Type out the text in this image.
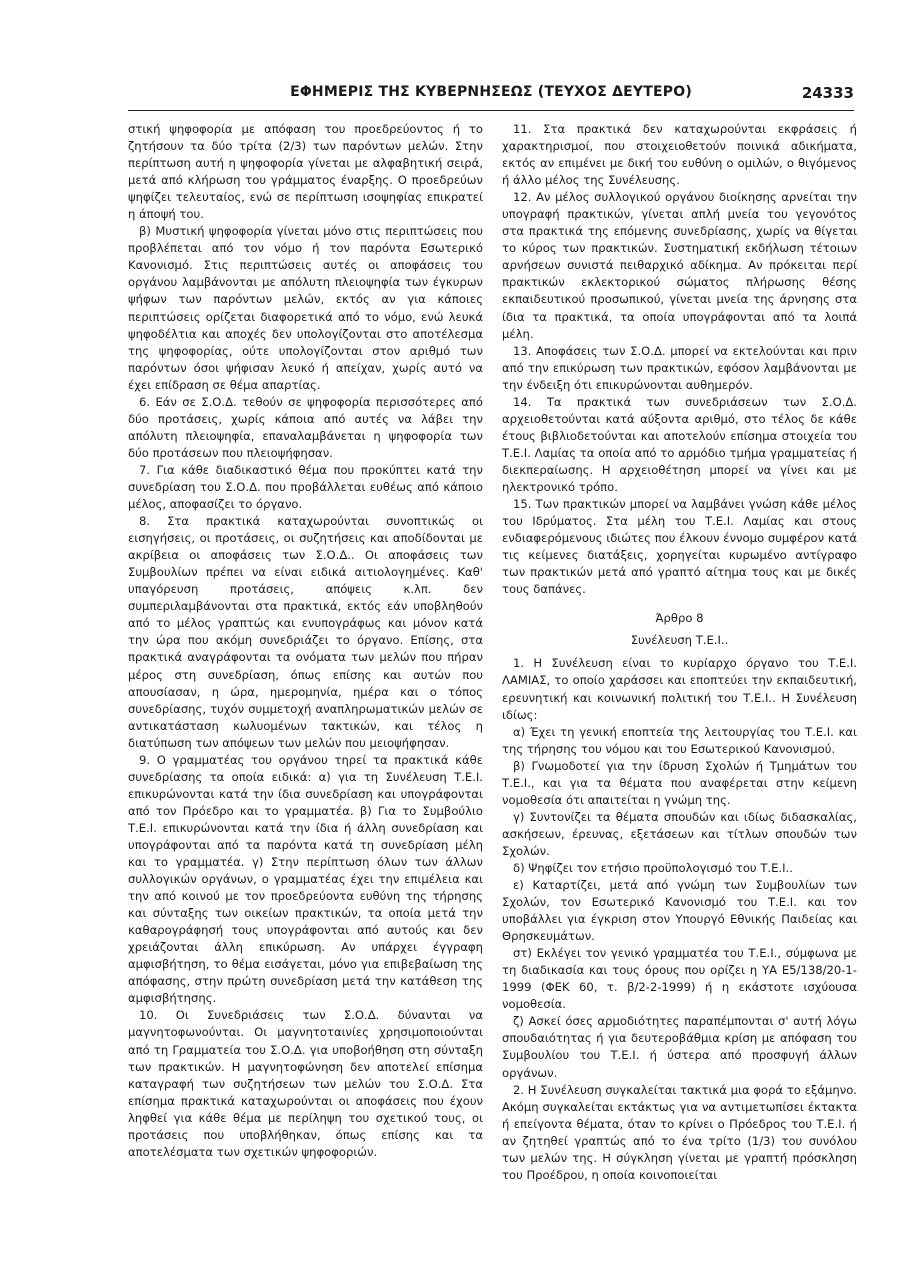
ΕΦΗΜΕΡΙΣ ΤΗΣ ΚΥΒΕΡΝΗΣΕΩΣ (ΤΕΥΧΟΣ ΔΕΥΤΕΡΟ)	24333

στική ψηφοφορία με απόφαση του προεδρεύοντος ή το ζητήσουν τα δύο τρίτα (2/3) των παρόντων μελών. Στην περίπτωση αυτή η ψηφοφορία γίνεται με αλφαβητική σειρά, μετά από κλήρωση του γράμματος έναρξης. Ο προεδρεύων ψηφίζει τελευταίος, ενώ σε περίπτωση ισοψηφίας επικρατεί η άποψή του.

β) Μυστική ψηφοφορία γίνεται μόνο στις περιπτώσεις που προβλέπεται από τον νόμο ή τον παρόντα Εσωτερικό Κανονισμό. Στις περιπτώσεις αυτές οι αποφάσεις του οργάνου λαμβάνονται με απόλυτη πλειοψηφία των έγκυρων ψήφων των παρόντων μελών, εκτός αν για κάποιες περιπτώσεις ορίζεται διαφορετικά από το νόμο, ενώ λευκά ψηφοδέλτια και αποχές δεν υπολογίζονται στο αποτέλεσμα της ψηφοφορίας, ούτε υπολογίζονται στον αριθμό των παρόντων όσοι ψήφισαν λευκό ή απείχαν, χωρίς αυτό να έχει επίδραση σε θέμα απαρτίας.

6. Εάν σε Σ.Ο.Δ. τεθούν σε ψηφοφορία περισσότερες από δύο προτάσεις, χωρίς κάποια από αυτές να λάβει την απόλυτη πλειοψηφία, επαναλαμβάνεται η ψηφοφορία των δύο προτάσεων που πλειοψήφησαν.

7. Για κάθε διαδικαστικό θέμα που προκύπτει κατά την συνεδρίαση του Σ.Ο.Δ. που προβάλλεται ευθέως από κάποιο μέλος, αποφασίζει το όργανο.

8. Στα πρακτικά καταχωρούνται συνοπτικώς οι εισηγήσεις, οι προτάσεις, οι συζητήσεις και αποδίδονται με ακρίβεια οι αποφάσεις των Σ.Ο.Δ.. Οι αποφάσεις των Συμβουλίων πρέπει να είναι ειδικά αιτιολογημένες. Καθ' υπαγόρευση προτάσεις, απόψεις κ.λπ. δεν συμπεριλαμβάνονται στα πρακτικά, εκτός εάν υποβληθούν από το μέλος γραπτώς και ενυπογράφως και μόνον κατά την ώρα που ακόμη συνεδριάζει το όργανο. Επίσης, στα πρακτικά αναγράφονται τα ονόματα των μελών που πήραν μέρος στη συνεδρίαση, όπως επίσης και αυτών που απουσίασαν, η ώρα, ημερομηνία, ημέρα και ο τόπος συνεδρίασης, τυχόν συμμετοχή αναπληρωματικών μελών σε αντικατάσταση κωλυομένων τακτικών, και τέλος η διατύπωση των απόψεων των μελών που μειοψήφησαν.

9. Ο γραμματέας του οργάνου τηρεί τα πρακτικά κάθε συνεδρίασης τα οποία ειδικά: α) για τη Συνέλευση Τ.Ε.Ι. επικυρώνονται κατά την ίδια συνεδρίαση και υπογράφονται από τον Πρόεδρο και το γραμματέα. β) Για το Συμβούλιο Τ.Ε.Ι. επικυρώνονται κατά την ίδια ή άλλη συνεδρίαση και υπογράφονται από τα παρόντα κατά τη συνεδρίαση μέλη και το γραμματέα. γ) Στην περίπτωση όλων των άλλων συλλογικών οργάνων, ο γραμματέας έχει την επιμέλεια και την από κοινού με τον προεδρεύοντα ευθύνη της τήρησης και σύνταξης των οικείων πρακτικών, τα οποία μετά την καθαρογράφησή τους υπογράφονται από αυτούς και δεν χρειάζονται άλλη επικύρωση. Αν υπάρχει έγγραφη αμφισβήτηση, το θέμα εισάγεται, μόνο για επιβεβαίωση της απόφασης, στην πρώτη συνεδρίαση μετά την κατάθεση της αμφισβήτησης.

10. Οι Συνεδριάσεις των Σ.Ο.Δ. δύνανται να μαγνητοφωνούνται. Οι μαγνητοταινίες χρησιμοποιούνται από τη Γραμματεία του Σ.Ο.Δ. για υποβοήθηση στη σύνταξη των πρακτικών. Η μαγνητοφώνηση δεν αποτελεί επίσημα καταγραφή των συζητήσεων των μελών του Σ.Ο.Δ. Στα επίσημα πρακτικά καταχωρούνται οι αποφάσεις που έχουν ληφθεί για κάθε θέμα με περίληψη του σχετικού τους, οι προτάσεις που υποβλήθηκαν, όπως επίσης και τα αποτελέσματα των σχετικών ψηφοφοριών.

11. Στα πρακτικά δεν καταχωρούνται εκφράσεις ή χαρακτηρισμοί, που στοιχειοθετούν ποινικά αδικήματα, εκτός αν επιμένει με δική του ευθύνη ο ομιλών, ο θιγόμενος ή άλλο μέλος της Συνέλευσης.

12. Αν μέλος συλλογικού οργάνου διοίκησης αρνείται την υπογραφή πρακτικών, γίνεται απλή μνεία του γεγονότος στα πρακτικά της επόμενης συνεδρίασης, χωρίς να θίγεται το κύρος των πρακτικών. Συστηματική εκδήλωση τέτοιων αρνήσεων συνιστά πειθαρχικό αδίκημα. Αν πρόκειται περί πρακτικών εκλεκτορικού σώματος πλήρωσης θέσης εκπαιδευτικού προσωπικού, γίνεται μνεία της άρνησης στα ίδια τα πρακτικά, τα οποία υπογράφονται από τα λοιπά μέλη.

13. Αποφάσεις των Σ.Ο.Δ. μπορεί να εκτελούνται και πριν από την επικύρωση των πρακτικών, εφόσον λαμβάνονται με την ένδειξη ότι επικυρώνονται αυθημερόν.

14. Τα πρακτικά των συνεδριάσεων των Σ.Ο.Δ. αρχειοθετούνται κατά αύξοντα αριθμό, στο τέλος δε κάθε έτους βιβλιοδετούνται και αποτελούν επίσημα στοιχεία του Τ.Ε.Ι. Λαμίας τα οποία από το αρμόδιο τμήμα γραμματείας ή διεκπεραίωσης. Η αρχειοθέτηση μπορεί να γίνει και με ηλεκτρονικό τρόπο.

15. Των πρακτικών μπορεί να λαμβάνει γνώση κάθε μέλος του Ιδρύματος. Στα μέλη του Τ.Ε.Ι. Λαμίας και στους ενδιαφερόμενους ιδιώτες που έλκουν έννομο συμφέρον κατά τις κείμενες διατάξεις, χορηγείται κυρωμένο αντίγραφο των πρακτικών μετά από γραπτό αίτημα τους και με δικές τους δαπάνες.

Άρθρο 8

Συνέλευση Τ.Ε.Ι..

1. Η Συνέλευση είναι το κυρίαρχο όργανο του Τ.Ε.Ι. ΛΑΜΙΑΣ, το οποίο χαράσσει και εποπτεύει την εκπαιδευτική, ερευνητική και κοινωνική πολιτική του Τ.Ε.Ι.. Η Συνέλευση ιδίως:

α) Έχει τη γενική εποπτεία της λειτουργίας του Τ.Ε.Ι. και της τήρησης του νόμου και του Εσωτερικού Κανονισμού.

β) Γνωμοδοτεί για την ίδρυση Σχολών ή Τμημάτων του Τ.Ε.Ι., και για τα θέματα που αναφέρεται στην κείμενη νομοθεσία ότι απαιτείται η γνώμη της.

γ) Συντονίζει τα θέματα σπουδών και ιδίως διδασκαλίας, ασκήσεων, έρευνας, εξετάσεων και τίτλων σπουδών των Σχολών.

δ) Ψηφίζει τον ετήσιο προϋπολογισμό του Τ.Ε.Ι..

ε) Καταρτίζει, μετά από γνώμη των Συμβουλίων των Σχολών, τον Εσωτερικό Κανονισμό του Τ.Ε.Ι. και τον υποβάλλει για έγκριση στον Υπουργό Εθνικής Παιδείας και Θρησκευμάτων.

στ) Εκλέγει τον γενικό γραμματέα του Τ.Ε.Ι., σύμφωνα με τη διαδικασία και τους όρους που ορίζει η ΥΑ Ε5/138/20-1-1999 (ΦΕΚ 60, τ. β/2-2-1999) ή η εκάστοτε ισχύουσα νομοθεσία.

ζ) Ασκεί όσες αρμοδιότητες παραπέμπονται σ' αυτή λόγω σπουδαιότητας ή για δευτεροβάθμια κρίση με απόφαση του Συμβουλίου του Τ.Ε.Ι. ή ύστερα από προσφυγή άλλων οργάνων.

2. Η Συνέλευση συγκαλείται τακτικά μια φορά το εξάμηνο. Ακόμη συγκαλείται εκτάκτως για να αντιμετωπίσει έκτακτα ή επείγοντα θέματα, όταν το κρίνει ο Πρόεδρος του Τ.Ε.Ι. ή αν ζητηθεί γραπτώς από το ένα τρίτο (1/3) του συνόλου των μελών της. Η σύγκληση γίνεται με γραπτή πρόσκληση του Προέδρου, η οποία κοινοποιείται
